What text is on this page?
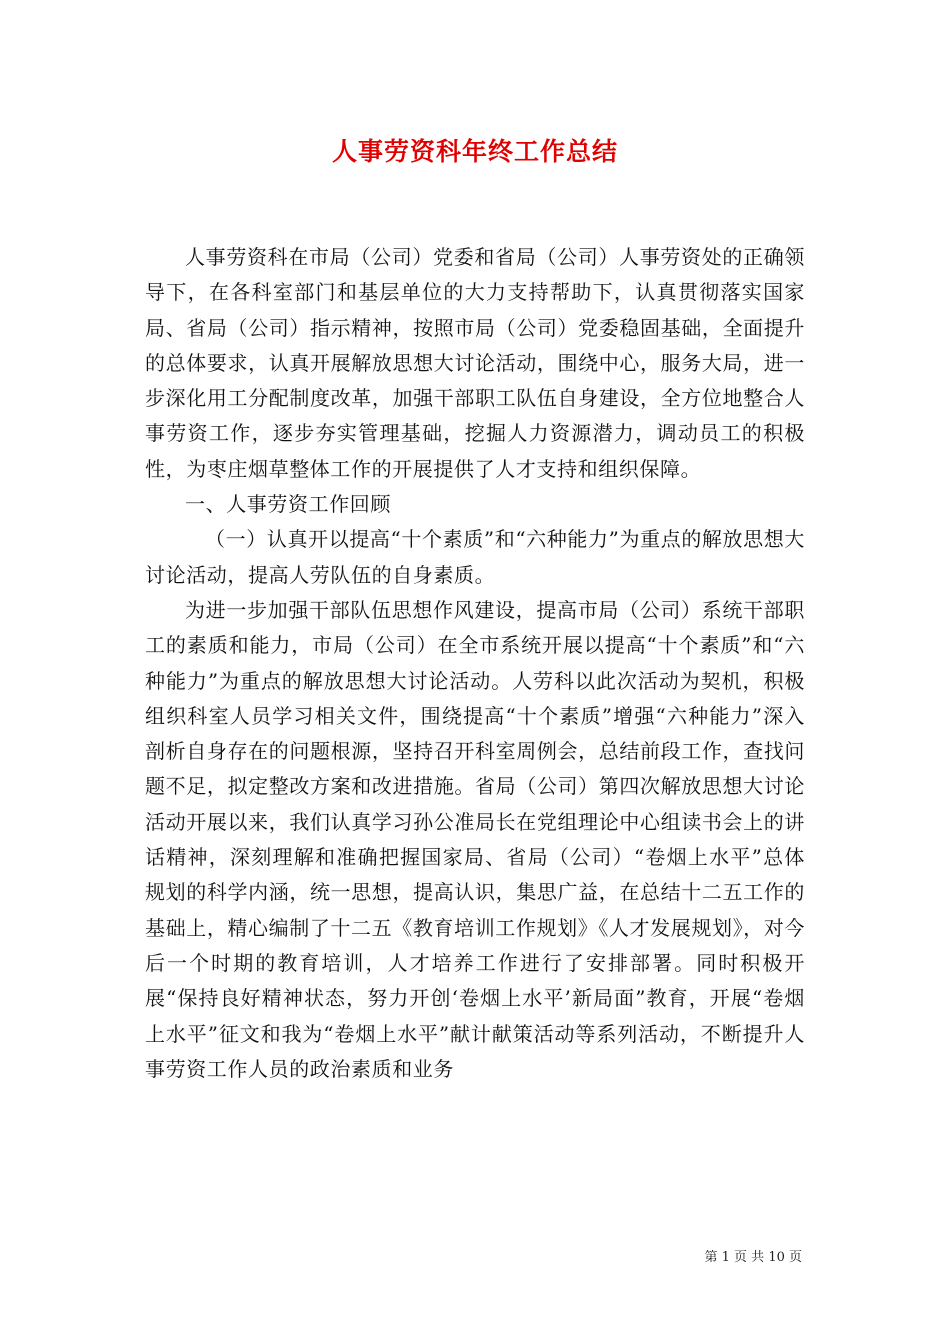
人事劳资科年终工作总结

人事劳资科在市局（公司）党委和省局（公司）人事劳资处的正确领导下，在各科室部门和基层单位的大力支持帮助下，认真贯彻落实国家局、省局（公司）指示精神，按照市局（公司）党委稳固基础，全面提升的总体要求，认真开展解放思想大讨论活动，围绕中心，服务大局，进一步深化用工分配制度改革，加强干部职工队伍自身建设，全方位地整合人事劳资工作，逐步夯实管理基础，挖掘人力资源潜力，调动员工的积极性，为枣庄烟草整体工作的开展提供了人才支持和组织保障。

一、人事劳资工作回顾

（一）认真开以提高“十个素质”和“六种能力”为重点的解放思想大讨论活动，提高人劳队伍的自身素质。

为进一步加强干部队伍思想作风建设，提高市局（公司）系统干部职工的素质和能力，市局（公司）在全市系统开展以提高“十个素质”和“六种能力”为重点的解放思想大讨论活动。人劳科以此次活动为契机，积极组织科室人员学习相关文件，围绕提高“十个素质”增强“六种能力”深入剖析自身存在的问题根源，坚持召开科室周例会，总结前段工作，查找问题不足，拟定整改方案和改进措施。省局（公司）第四次解放思想大讨论活动开展以来，我们认真学习孙公准局长在党组理论中心组读书会上的讲话精神，深刻理解和准确把握国家局、省局（公司）“卷烟上水平”总体规划的科学内涵，统一思想，提高认识，集思广益，在总结十二五工作的基础上，精心编制了十二五《教育培训工作规划》《人才发展规划》，对今后一个时期的教育培训，人才培养工作进行了安排部署。同时积极开展“保持良好精神状态，努力开创‘卷烟上水平’新局面”教育，开展“卷烟上水平”征文和我为“卷烟上水平”献计献策活动等系列活动，不断提升人事劳资工作人员的政治素质和业务

第 1 页 共 10 页
